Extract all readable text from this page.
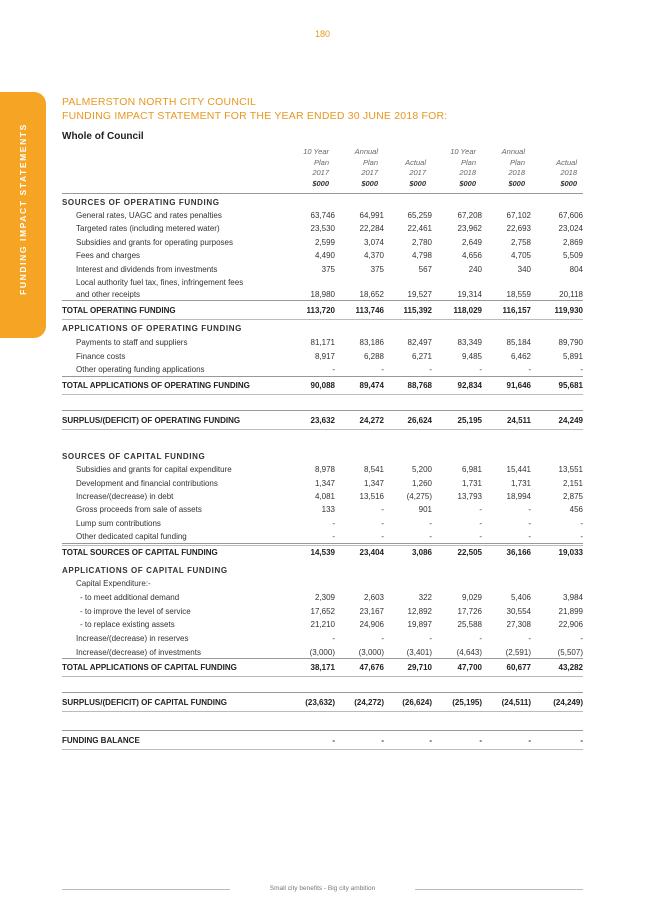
180
FUNDING IMPACT STATEMENTS
PALMERSTON NORTH CITY COUNCIL
FUNDING IMPACT STATEMENT FOR THE YEAR ENDED 30 JUNE 2018 FOR:
Whole of Council
10 Year
Plan
2017
$000
Annual
Plan
2017
$000

Actual
2017
$000
10 Year
Plan
2018
$000
Annual
Plan
2018
$000

Actual
2018
$000
Small city benefits - Big city ambition
SOURCES OF OPERATING FUNDING
General rates, UAGC and rates penalties	63,746	64,991	65,259	67,208	67,102	67,606
Targeted rates (including metered water)	23,530	22,284	22,461	23,962	22,693	23,024
Subsidies and grants for operating purposes	2,599	3,074	2,780	2,649	2,758	2,869
Fees and charges	4,490	4,370	4,798	4,656	4,705	5,509
Interest and dividends from investments	375	375	567	240	340	804
Local authority fuel tax, fines, infringement fees
and other receipts	18,980	18,652	19,527	19,314	18,559	20,118
TOTAL OPERATING FUNDING	113,720	113,746	115,392	118,029	116,157	119,930
APPLICATIONS OF OPERATING FUNDING
Payments to staff and suppliers	81,171	83,186	82,497	83,349	85,184	89,790
Finance costs	8,917	6,288	6,271	9,485	6,462	5,891
Other operating funding applications	-	-	-	-	-	-
TOTAL APPLICATIONS OF OPERATING FUNDING	90,088	89,474	88,768	92,834	91,646	95,681
SURPLUS/(DEFICIT) OF OPERATING FUNDING	23,632	24,272	26,624	25,195	24,511	24,249
SOURCES OF CAPITAL FUNDING
Subsidies and grants for capital expenditure	8,978	8,541	5,200	6,981	15,441	13,551
Development and financial contributions	1,347	1,347	1,260	1,731	1,731	2,151
Increase/(decrease) in debt	4,081	13,516	(4,275)	13,793	18,994	2,875
Gross proceeds from sale of assets	133	-	901	-	-	456
Lump sum contributions	-	-	-	-	-	-
Other dedicated capital funding	-	-	-	-	-	-
TOTAL SOURCES OF CAPITAL FUNDING	14,539	23,404	3,086	22,505	36,166	19,033
APPLICATIONS OF CAPITAL FUNDING
Capital Expenditure:-
- to meet additional demand	2,309	2,603	322	9,029	5,406	3,984
- to improve the level of service	17,652	23,167	12,892	17,726	30,554	21,899
- to replace existing assets	21,210	24,906	19,897	25,588	27,308	22,906
Increase/(decrease) in reserves	-	-	-	-	-	-
Increase/(decrease) of investments	(3,000)	(3,000)	(3,401)	(4,643)	(2,591)	(5,507)
TOTAL APPLICATIONS OF CAPITAL FUNDING	38,171	47,676	29,710	47,700	60,677	43,282
SURPLUS/(DEFICIT) OF CAPITAL FUNDING	(23,632)	(24,272)	(26,624)	(25,195)	(24,511)	(24,249)
FUNDING BALANCE	-	-	-	-	-	-
